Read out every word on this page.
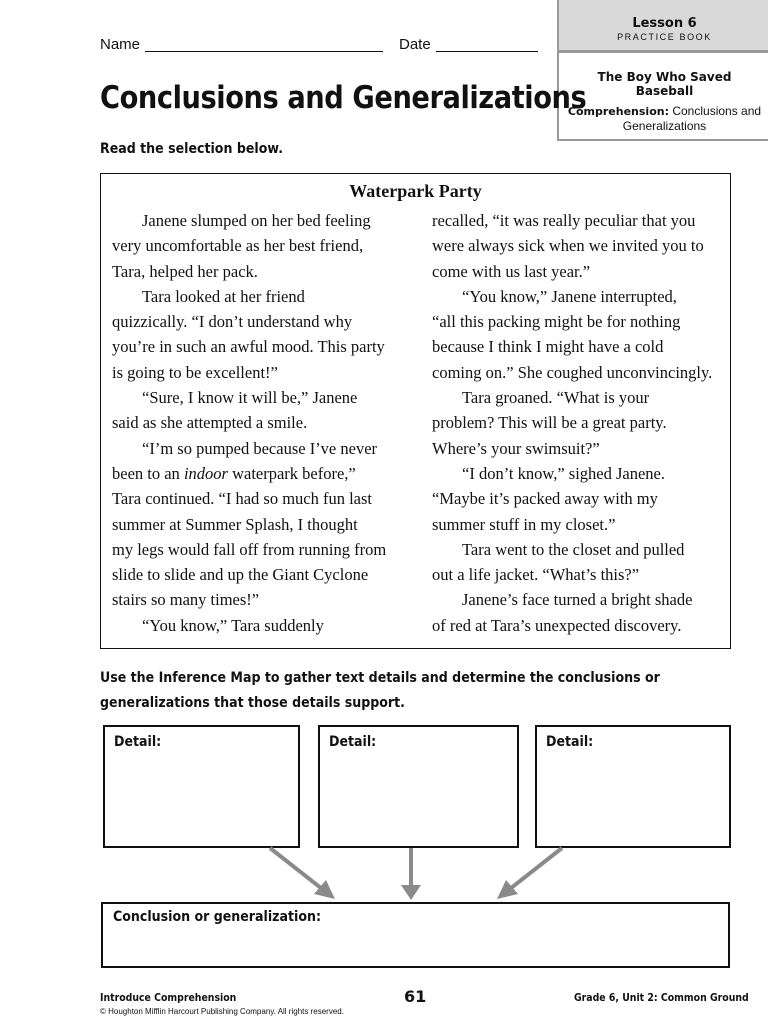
Name	Date
Lesson 6
PRACTICE BOOK
The Boy Who Saved Baseball
Comprehension: Conclusions and Generalizations
Conclusions and Generalizations
Read the selection below.
Waterpark Party
Janene slumped on her bed feeling
very uncomfortable as her best friend,
Tara, helped her pack.
Tara looked at her friend
quizzically. “I don’t understand why
you’re in such an awful mood. This party
is going to be excellent!”
“Sure, I know it will be,” Janene
said as she attempted a smile.
“I’m so pumped because I’ve never
been to an indoor waterpark before,”
Tara continued. “I had so much fun last
summer at Summer Splash, I thought
my legs would fall off from running from
slide to slide and up the Giant Cyclone
stairs so many times!”
“You know,” Tara suddenly
recalled, “it was really peculiar that you
were always sick when we invited you to
come with us last year.”
“You know,” Janene interrupted,
“all this packing might be for nothing
because I think I might have a cold
coming on.” She coughed unconvincingly.
Tara groaned. “What is your
problem? This will be a great party.
Where’s your swimsuit?”
“I don’t know,” sighed Janene.
“Maybe it’s packed away with my
summer stuff in my closet.”
Tara went to the closet and pulled
out a life jacket. “What’s this?”
Janene’s face turned a bright shade
of red at Tara’s unexpected discovery.
Use the Inference Map to gather text details and determine the conclusions or generalizations that those details support.
Detail:	Detail:	Detail:
Conclusion or generalization:
Introduce Comprehension
© Houghton Mifflin Harcourt Publishing Company. All rights reserved.
61	Grade 6, Unit 2: Common Ground
